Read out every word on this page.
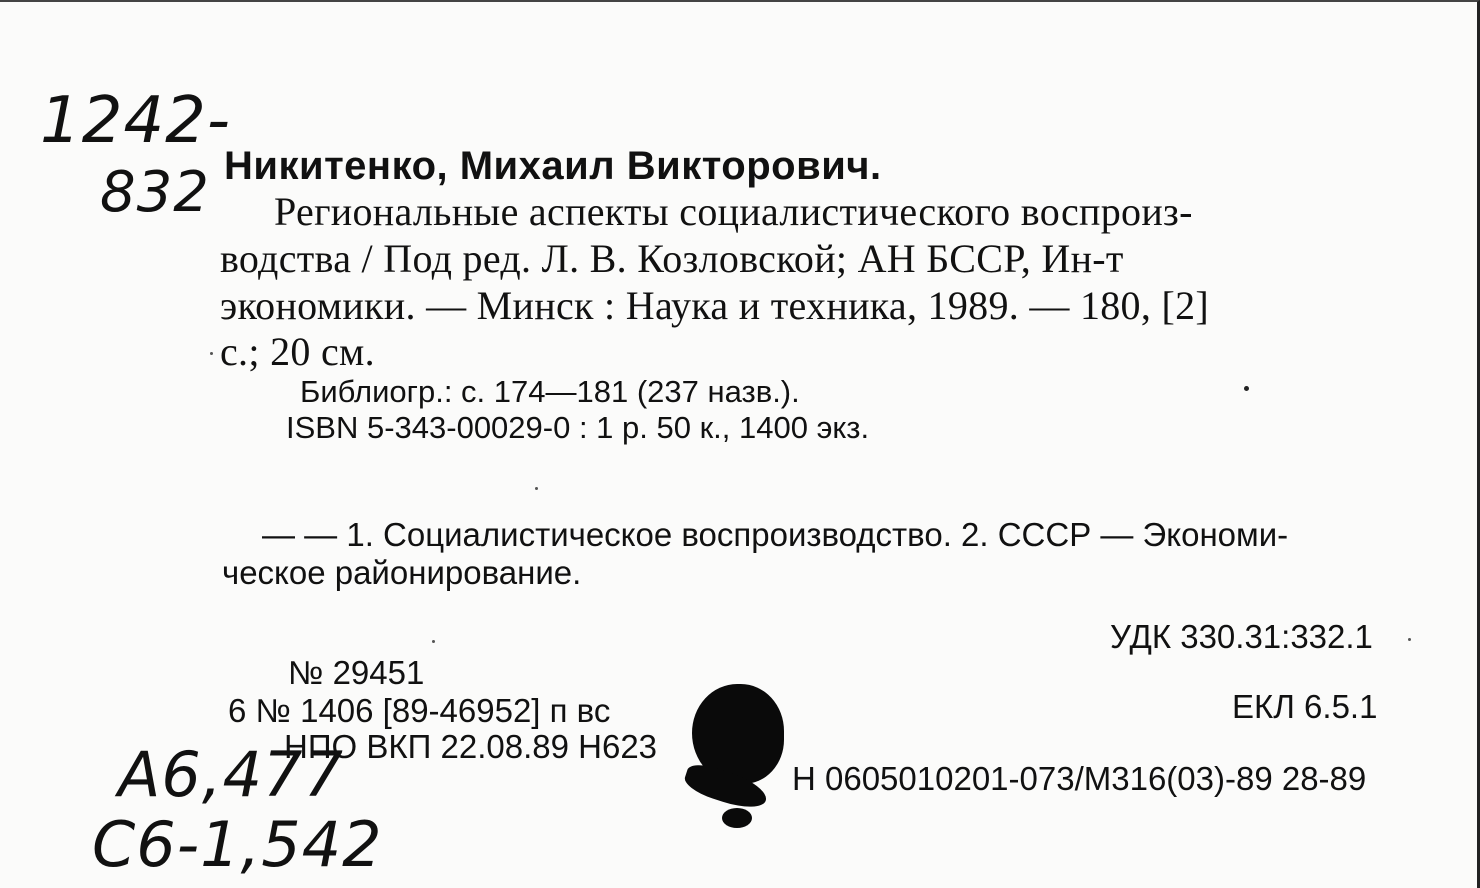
1242-
832 Никитенко, Михаил Викторович.
Региональные аспекты социалистического воспроиз-
водства / Под ред. Л. В. Козловской; АН БССР, Ин-т
экономики. — Минск : Наука и техника, 1989. — 180, [2]
с.; 20 см.
Библиогр.: с. 174—181 (237 назв.).
ISBN 5-343-00029-0 : 1 р. 50 к., 1400 экз.
— — 1. Социалистическое воспроизводство. 2. СССР — Экономи-
ческое районирование.
УДК 330.31:332.1
№ 29451
6 № 1406 [89-46952] п вс	ЕКЛ 6.5.1
НПО ВКП 22.08.89 Н623
Н 0605010201-073/М316(03)-89 28-89
A6,477
C6-1,542
